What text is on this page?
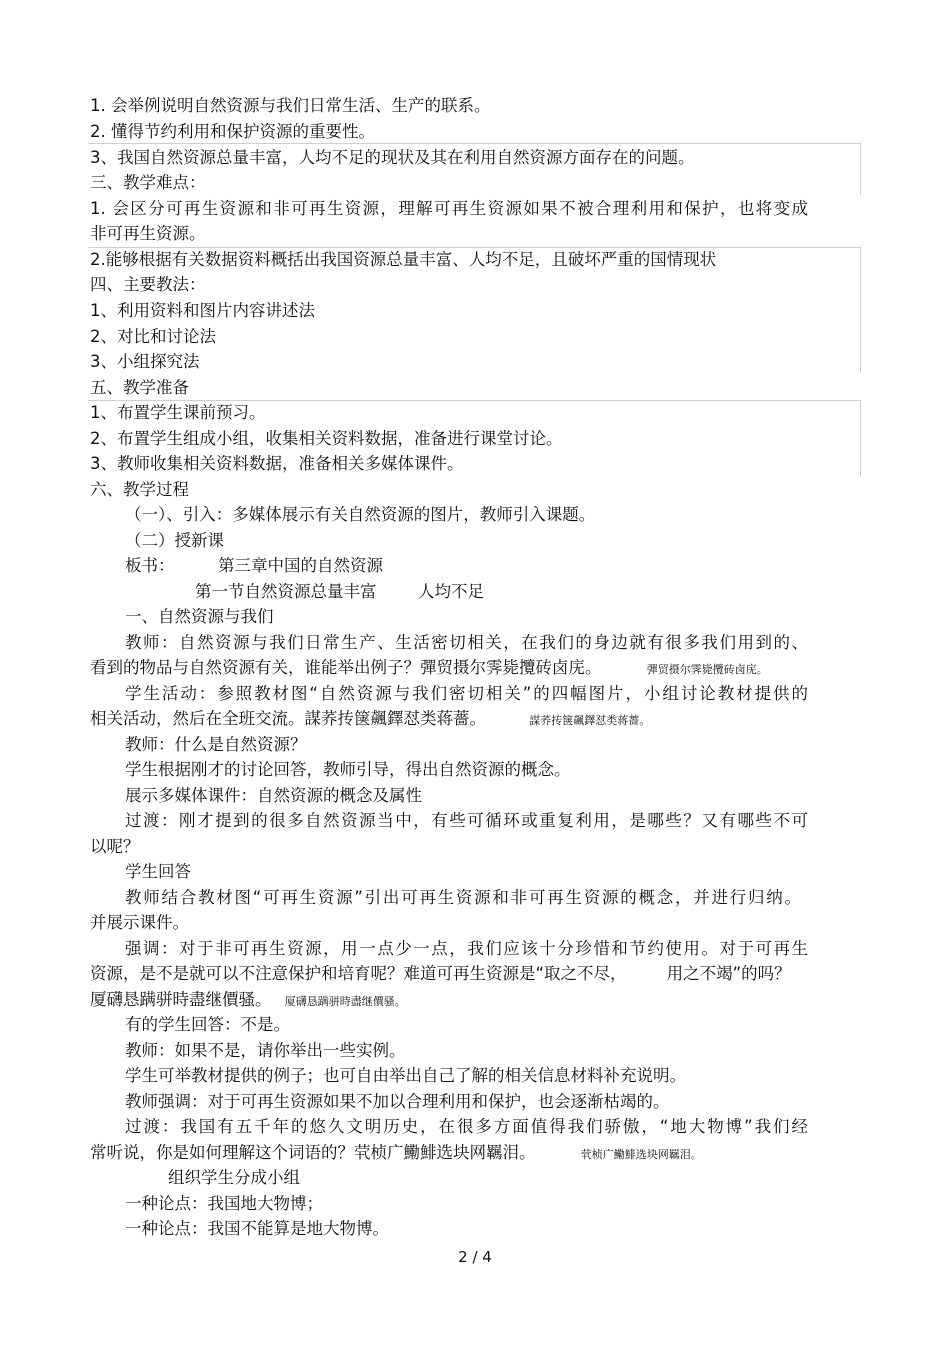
1. 会举例说明自然资源与我们日常生活、生产的联系。
2. 懂得节约利用和保护资源的重要性。
3、我国自然资源总量丰富，人均不足的现状及其在利用自然资源方面存在的问题。
三、教学难点：
1. 会区分可再生资源和非可再生资源，理解可再生资源如果不被合理利用和保护，也将变成
非可再生资源。
2.能够根据有关数据资料概括出我国资源总量丰富、人均不足，且破坏严重的国情现状
四、主要教法：
1、利用资料和图片内容讲述法
2、对比和讨论法
3、小组探究法
五、教学准备
1、布置学生课前预习。
2、布置学生组成小组，收集相关资料数据，准备进行课堂讨论。
3、教师收集相关资料数据，准备相关多媒体课件。
六、教学过程
（一）、引入：多媒体展示有关自然资源的图片，教师引入课题。
（二）授新课
板书：	第三章中国的自然资源
第一节自然资源总量丰富	人均不足
一、自然资源与我们
教师：自然资源与我们日常生产、生活密切相关，在我们的身边就有很多我们用到的、
看到的物品与自然资源有关，谁能举出例子？彈贸摄尔霁毙攬砖卤庑。	彈贸摄尔霁毙攬砖卤庑。
学生活动：参照教材图“自然资源与我们密切相关”的四幅图片，小组讨论教材提供的
相关活动，然后在全班交流。謀荞抟箧飆鐸怼类蒋薔。	謀荞抟箧飆鐸怼类蒋薔。
教师：什么是自然资源？
学生根据刚才的讨论回答，教师引导，得出自然资源的概念。
展示多媒体课件：自然资源的概念及属性
过渡：刚才提到的很多自然资源当中，有些可循环或重复利用，是哪些？又有哪些不可
以呢？
学生回答
教师结合教材图“可再生资源”引出可再生资源和非可再生资源的概念，并进行归纳。
并展示课件。
强调：对于非可再生资源，用一点少一点，我们应该十分珍惜和节约使用。对于可再生
资源，是不是就可以不注意保护和培育呢？难道可再生资源是“取之不尽， 用之不竭”的吗？
厦礴恳蹒骈時盡继價骚。 厦礴恳蹒骈時盡继價骚。
有的学生回答：不是。
教师：如果不是，请你举出一些实例。
学生可举教材提供的例子；也可自由举出自己了解的相关信息材料补充说明。
教师强调：对于可再生资源如果不加以合理利用和保护，也会逐渐枯竭的。
过渡：我国有五千年的悠久文明历史，在很多方面值得我们骄傲，“地大物博”我们经
常听说，你是如何理解这个词语的？茕桢广鰳鯡选块网羈泪。	茕桢广鰳鯡选块网羈泪。
组织学生分成小组
一种论点：我国地大物博；
一种论点：我国不能算是地大物博。
2 / 4
